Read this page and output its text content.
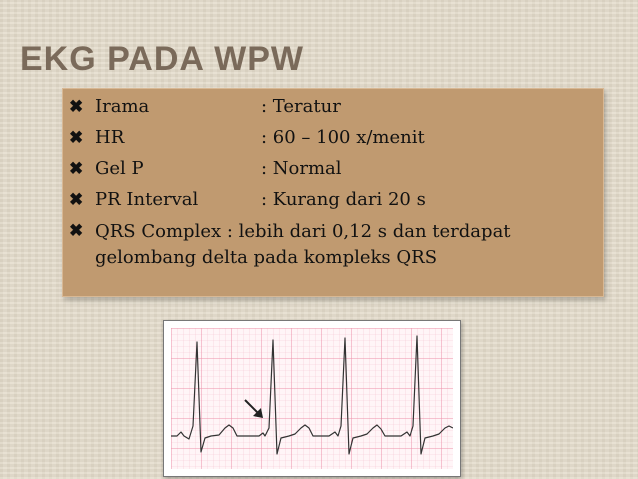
EKG PADA WPW
✖ Irama	: Teratur
✖ HR	: 60 – 100 x/menit
✖ Gel P	: Normal
✖ PR Interval	: Kurang dari 20 s
✖ QRS Complex : lebih dari 0,12 s dan terdapat gelombang delta pada kompleks QRS
